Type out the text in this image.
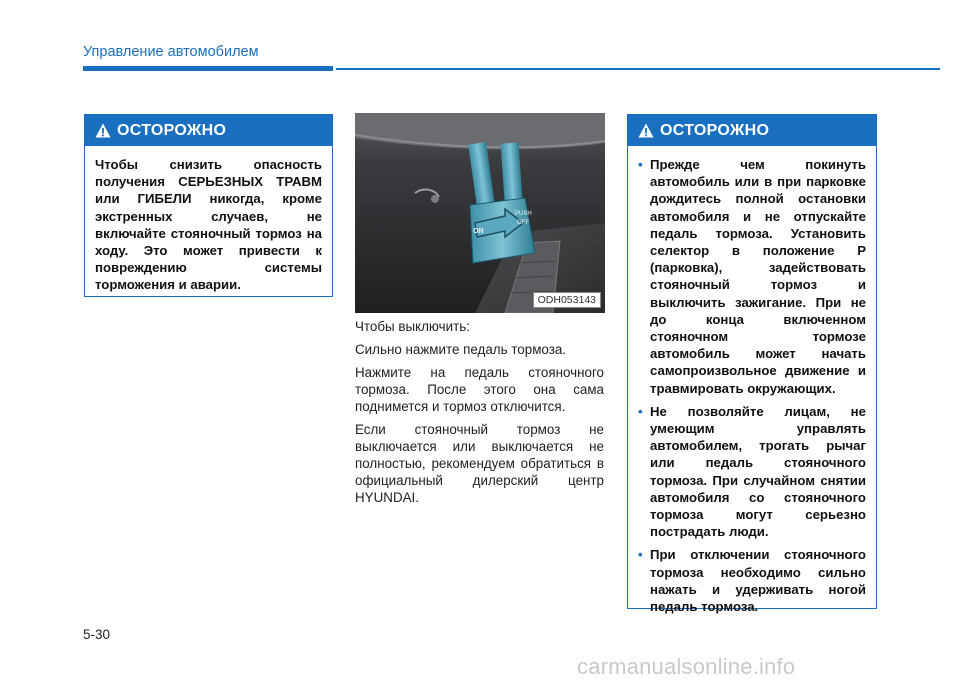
Управление автомобилем
ОСТОРОЖНО
Чтобы снизить опасность получения СЕРЬЕЗНЫХ ТРАВМ или ГИБЕЛИ никогда, кроме экстренных случаев, не включайте стояночный тормоз на ходу. Это может привести к повреждению системы торможения и аварии.
ON
PUSH
OFF
ODH053143

Чтобы выключить:

Сильно нажмите педаль тормоза.

Нажмите на педаль стояночного тормоза. После этого она сама поднимется и тормоз отключится.

Если стояночный тормоз не выключается или выключается не полностью, рекомендуем обратиться в официальный дилерский центр HYUNDAI.

ОСТОРОЖНО
• Прежде чем покинуть автомобиль или в при парковке дождитесь полной остановки автомобиля и не отпускайте педаль тормоза. Установить селектор в положение P (парковка), задействовать стояночный тормоз и выключить зажигание. При не до конца включенном стояночном тормозе автомобиль может начать самопроизвольное движение и травмировать окружающих.
• Не позволяйте лицам, не умеющим управлять автомобилем, трогать рычаг или педаль стояночного тормоза. При случайном снятии автомобиля со стояночного тормоза могут серьезно пострадать люди.
• При отключении стояночного тормоза необходимо сильно нажать и удерживать ногой педаль тормоза.
5-30
carmanualsonline.info
